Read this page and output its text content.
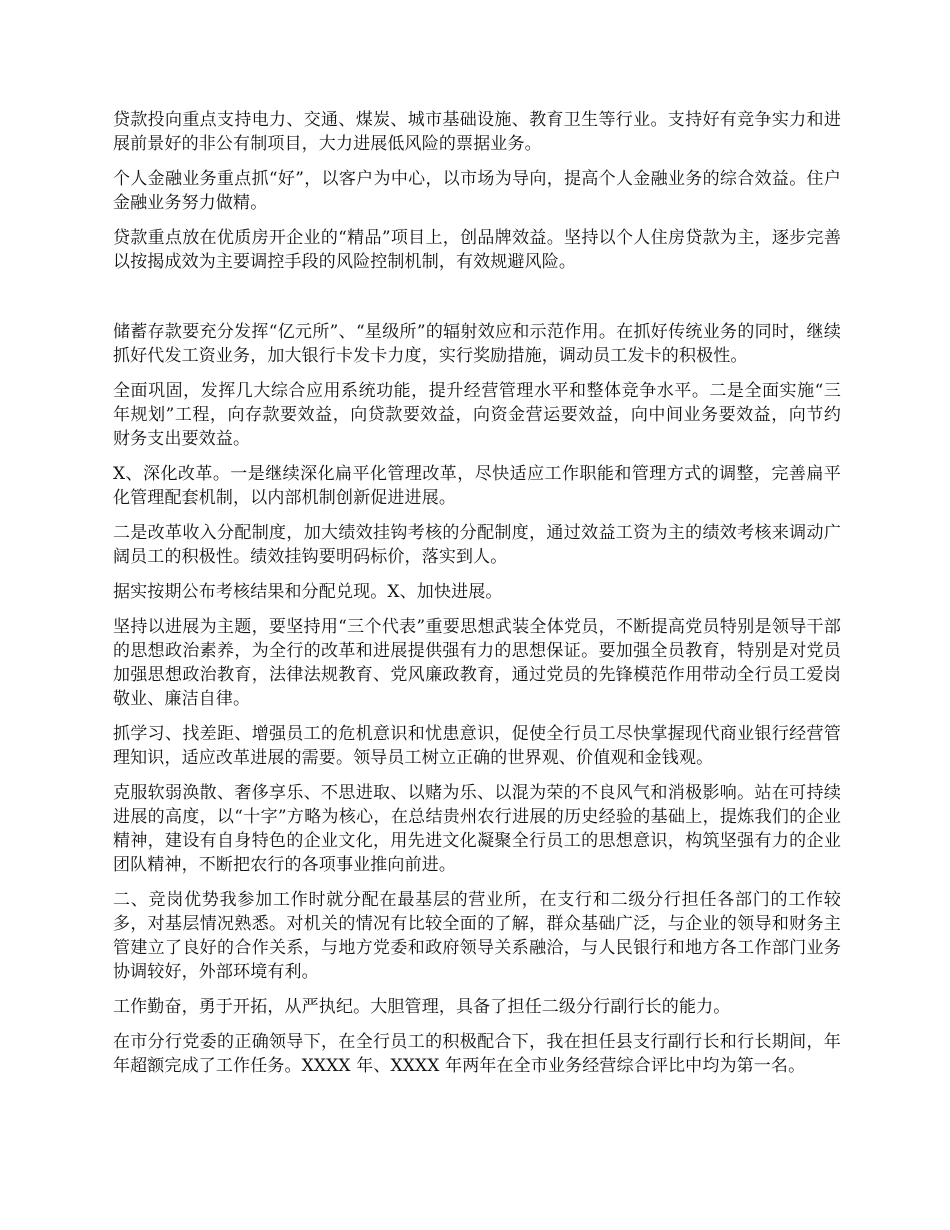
贷款投向重点支持电力、交通、煤炭、城市基础设施、教育卫生等行业。支持好有竞争实力和进展前景好的非公有制项目，大力进展低风险的票据业务。

个人金融业务重点抓“好”，以客户为中心，以市场为导向，提高个人金融业务的综合效益。住户金融业务努力做精。

贷款重点放在优质房开企业的“精品”项目上，创品牌效益。坚持以个人住房贷款为主，逐步完善以按揭成效为主要调控手段的风险控制机制，有效规避风险。

储蓄存款要充分发挥“亿元所”、“星级所”的辐射效应和示范作用。在抓好传统业务的同时，继续抓好代发工资业务，加大银行卡发卡力度，实行奖励措施，调动员工发卡的积极性。

全面巩固，发挥几大综合应用系统功能，提升经营管理水平和整体竞争水平。二是全面实施“三年规划”工程，向存款要效益，向贷款要效益，向资金营运要效益，向中间业务要效益，向节约财务支出要效益。

X、深化改革。一是继续深化扁平化管理改革，尽快适应工作职能和管理方式的调整，完善扁平化管理配套机制，以内部机制创新促进进展。

二是改革收入分配制度，加大绩效挂钩考核的分配制度，通过效益工资为主的绩效考核来调动广阔员工的积极性。绩效挂钩要明码标价，落实到人。

据实按期公布考核结果和分配兑现。X、加快进展。

坚持以进展为主题，要坚持用“三个代表”重要思想武装全体党员，不断提高党员特别是领导干部的思想政治素养，为全行的改革和进展提供强有力的思想保证。要加强全员教育，特别是对党员加强思想政治教育，法律法规教育、党风廉政教育，通过党员的先锋模范作用带动全行员工爱岗敬业、廉洁自律。

抓学习、找差距、增强员工的危机意识和忧患意识，促使全行员工尽快掌握现代商业银行经营管理知识，适应改革进展的需要。领导员工树立正确的世界观、价值观和金钱观。

克服软弱涣散、奢侈享乐、不思进取、以赌为乐、以混为荣的不良风气和消极影响。站在可持续进展的高度，以“十字”方略为核心，在总结贵州农行进展的历史经验的基础上，提炼我们的企业精神，建设有自身特色的企业文化，用先进文化凝聚全行员工的思想意识，构筑坚强有力的企业团队精神，不断把农行的各项事业推向前进。

二、竞岗优势我参加工作时就分配在最基层的营业所，在支行和二级分行担任各部门的工作较多，对基层情况熟悉。对机关的情况有比较全面的了解，群众基础广泛，与企业的领导和财务主管建立了良好的合作关系，与地方党委和政府领导关系融洽，与人民银行和地方各工作部门业务协调较好，外部环境有利。

工作勤奋，勇于开拓，从严执纪。大胆管理，具备了担任二级分行副行长的能力。

在市分行党委的正确领导下，在全行员工的积极配合下，我在担任县支行副行长和行长期间，年年超额完成了工作任务。XXXX 年、XXXX 年两年在全市业务经营综合评比中均为第一名。
